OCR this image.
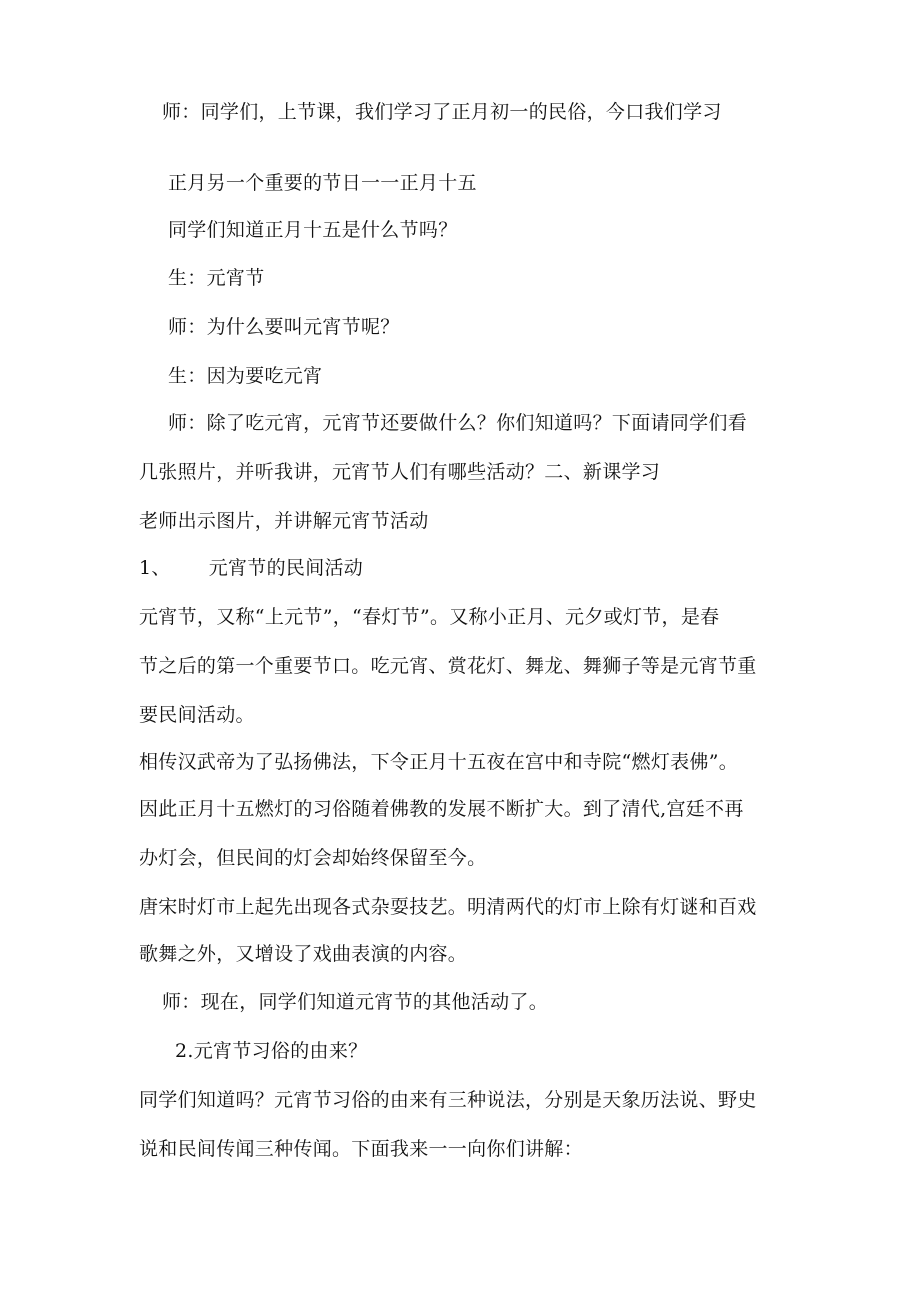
师：同学们，上节课，我们学习了正月初一的民俗，今口我们学习
正月另一个重要的节日一一正月十五
同学们知道正月十五是什么节吗？
生：元宵节
师：为什么要叫元宵节呢？
生：因为要吃元宵
师：除了吃元宵，元宵节还要做什么？你们知道吗？下面请同学们看
几张照片，并听我讲，元宵节人们有哪些活动？二、新课学习
老师出示图片，并讲解元宵节活动
1、 元宵节的民间活动
元宵节，又称“上元节”，“春灯节”。又称小正月、元夕或灯节，是春
节之后的第一个重要节口。吃元宵、赏花灯、舞龙、舞狮子等是元宵节重
要民间活动。
相传汉武帝为了弘扬佛法，下令正月十五夜在宫中和寺院“燃灯表佛”。
因此正月十五燃灯的习俗随着佛教的发展不断扩大。到了清代,宫廷不再
办灯会，但民间的灯会却始终保留至今。
唐宋时灯市上起先出现各式杂耍技艺。明清两代的灯市上除有灯谜和百戏
歌舞之外，又增设了戏曲表演的内容。
师：现在，同学们知道元宵节的其他活动了。
2.元宵节习俗的由来？
同学们知道吗？元宵节习俗的由来有三种说法，分别是天象历法说、野史
说和民间传闻三种传闻。下面我来一一向你们讲解：
